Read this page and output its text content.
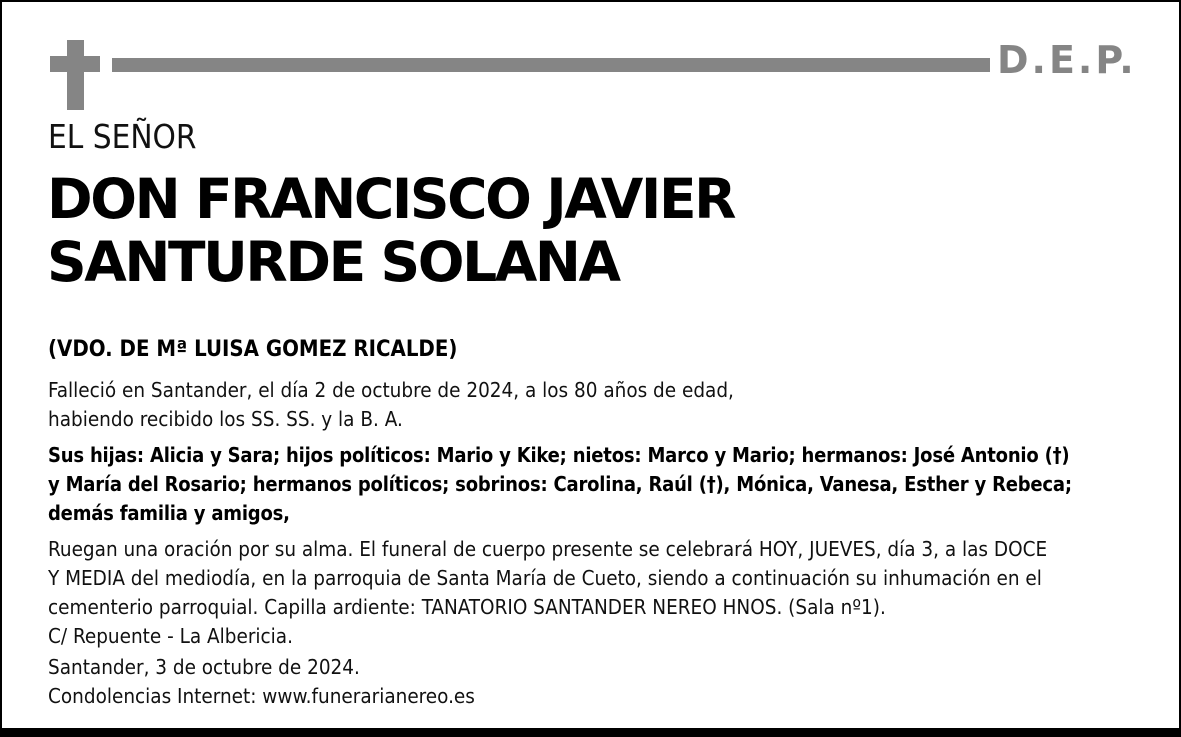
D.E.P.
EL SEÑOR
DON FRANCISCO JAVIER
SANTURDE SOLANA
(VDO. DE Mª LUISA GOMEZ RICALDE)
Falleció en Santander, el día 2 de octubre de 2024, a los 80 años de edad,
habiendo recibido los SS. SS. y la B. A.
Sus hijas: Alicia y Sara; hijos políticos: Mario y Kike; nietos: Marco y Mario; hermanos: José Antonio (†)
y María del Rosario; hermanos políticos; sobrinos: Carolina, Raúl (†), Mónica, Vanesa, Esther y Rebeca;
demás familia y amigos,
Ruegan una oración por su alma. El funeral de cuerpo presente se celebrará HOY, JUEVES, día 3, a las DOCE
Y MEDIA del mediodía, en la parroquia de Santa María de Cueto, siendo a continuación su inhumación en el
cementerio parroquial. Capilla ardiente: TANATORIO SANTANDER NEREO HNOS. (Sala nº1).
C/ Repuente - La Albericia.
Santander, 3 de octubre de 2024.
Condolencias Internet: www.funerarianereo.es
